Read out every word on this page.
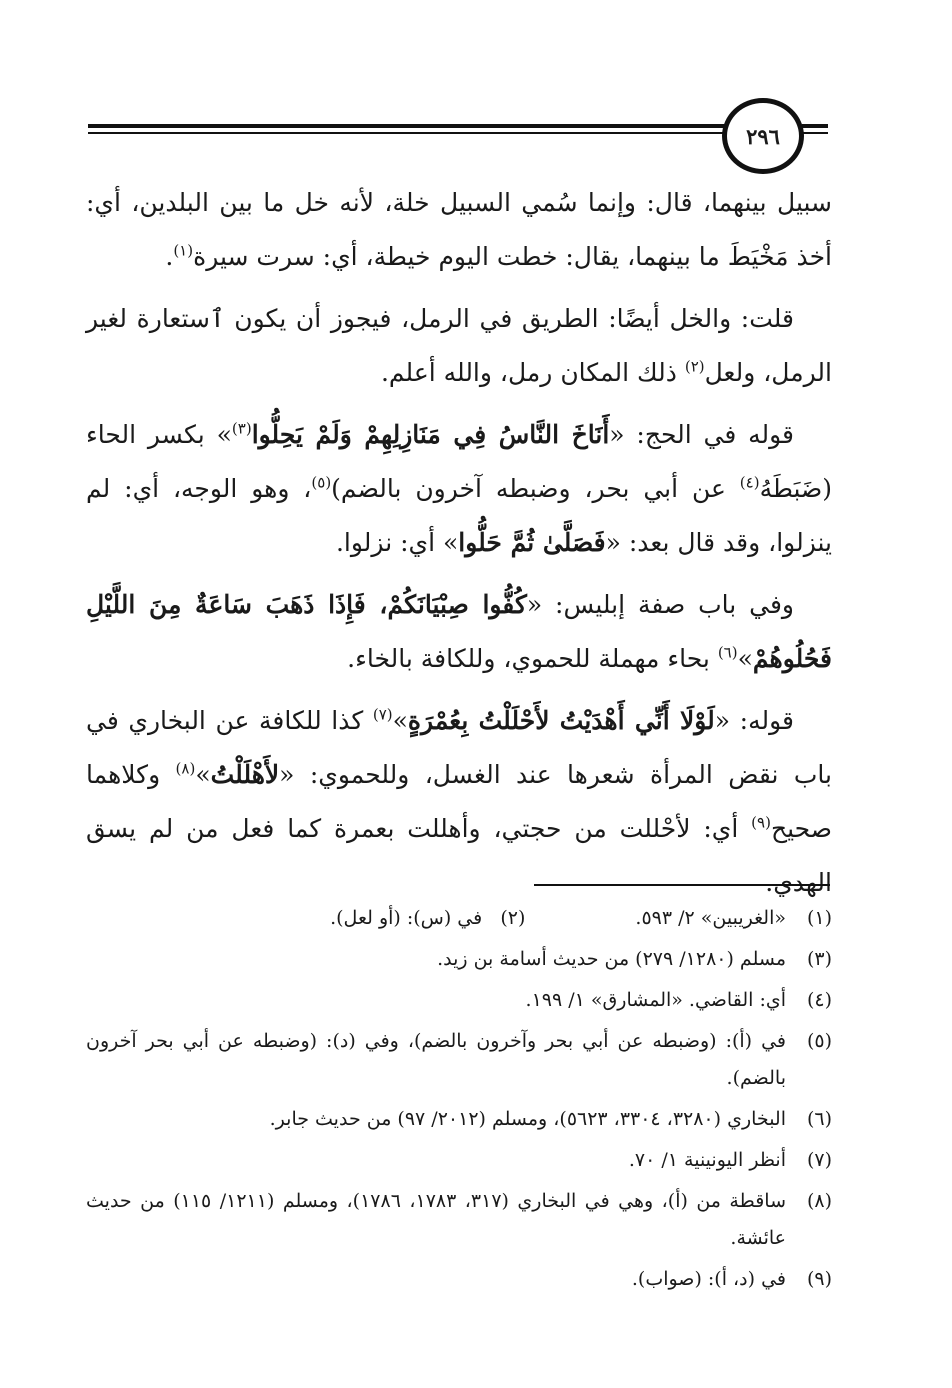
٢٩٦

سبيل بينهما، قال: وإنما سُمي السبيل خلة، لأنه خل ما بين البلدين، أي: أخذ مَخْيَطَ ما بينهما، يقال: خطت اليوم خيطة، أي: سرت سيرة$^{(١)}$.

قلت: والخل أيضًا: الطريق في الرمل، فيجوز أن يكون ٱستعارة لغير الرمل، ولعل$^{(٢)}$ ذلك المكان رمل، والله أعلم.

قوله في الحج: «أَنَاخَ النَّاسُ فِي مَنَازِلِهِمْ وَلَمْ يَحِلُّوا$^{(٣)}$» بكسر الحاء (ضَبَطَهُ$^{(٤)}$ عن أبي بحر، وضبطه آخرون بالضم)$^{(٥)}$، وهو الوجه، أي: لم ينزلوا، وقد قال بعد: «فَصَلَّىٰ ثُمَّ حَلُّوا» أي: نزلوا.

وفي باب صفة إبليس: «كُفُّوا صِبْيَانَكُمْ، فَإِذَا ذَهَبَ سَاعَةٌ مِنَ اللَّيْلِ فَحُلُوهُمْ»$^{(٦)}$ بحاء مهملة للحموي، وللكافة بالخاء.

قوله: «لَوْلَا أَنِّي أَهْدَيْتُ لأَحْلَلْتُ بِعُمْرَةٍ»$^{(٧)}$ كذا للكافة عن البخاري في باب نقض المرأة شعرها عند الغسل، وللحموي: «لأَهْلَلْتُ»$^{(٨)}$ وكلاهما صحيح$^{(٩)}$ أي: لأحْللت من حجتي، وأهللت بعمرة كما فعل من لم يسق الهدي.

(١)
«الغريبين» ٢/ ٥٩٣.(٢)   في (س): (أو لعل).
(٣)
مسلم (١٢٨٠/ ٢٧٩) من حديث أسامة بن زيد.
(٤)
أي: القاضي. «المشارق» ١/ ١٩٩.
(٥)
في (أ): (وضبطه عن أبي بحر وآخرون بالضم)، وفي (د): (وضبطه عن أبي بحر آخرون بالضم).
(٦)
البخاري (٣٢٨٠، ٣٣٠٤، ٥٦٢٣)، ومسلم (٢٠١٢/ ٩٧) من حديث جابر.
(٧)
أنظر اليونينية ١/ ٧٠.
(٨)
ساقطة من (أ)، وهي في البخاري (٣١٧، ١٧٨٣، ١٧٨٦)، ومسلم (١٢١١/ ١١٥) من حديث عائشة.
(٩)
في (د، أ): (صواب).
